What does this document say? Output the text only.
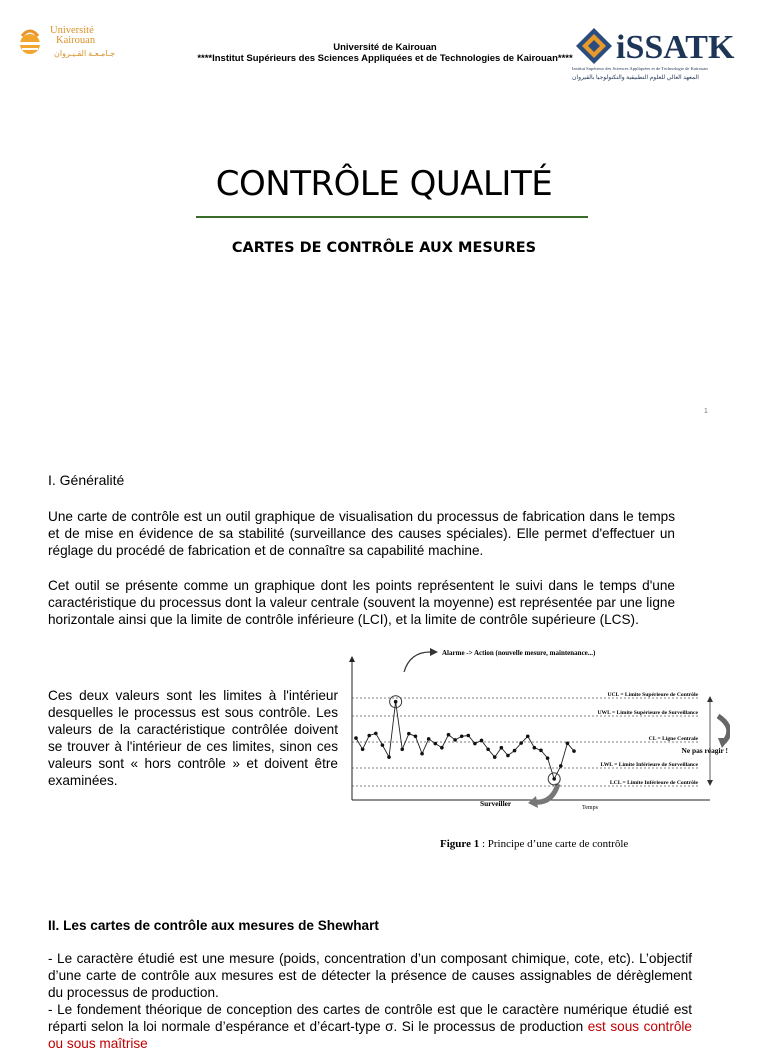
Université
Kairouan
جـامـعـة القـيـروان
Université de Kairouan
****Institut Supérieurs des Sciences Appliquées et de Technologies de Kairouan****	iSSATK
Institut Supérieur des Sciences Appliquées et de Technologie de Kairouan
المعهد العالي للعلوم التطبيقية والتكنولوجيا بالقيروان
CONTRÔLE QUALITÉ
CARTES DE CONTRÔLE AUX MESURES
1
I. Généralité
Une carte de contrôle est un outil graphique de visualisation du processus de fabrication dans le temps et de mise en évidence de sa stabilité (surveillance des causes spéciales). Elle permet d'effectuer un réglage du procédé de fabrication et de connaître sa capabilité machine.
Cet outil se présente comme un graphique dont les points représentent le suivi dans le temps d'une caractéristique du processus dont la valeur centrale (souvent la moyenne) est représentée par une ligne horizontale ainsi que la limite de contrôle inférieure (LCI), et la limite de contrôle supérieure (LCS).
Ces deux valeurs sont les limites à l'intérieur desquelles le processus est sous contrôle. Les valeurs de la caractéristique contrôlée doivent se trouver à l'intérieur de ces limites, sinon ces valeurs sont « hors contrôle » et doivent être examinées.
UCL = Limite Supérieure de Contrôle
UWL = Limite Supérieure de Surveillance
CL = Ligne Centrale
LWL = Limite Inférieure de Surveillance
LCL = Limite Inférieure de Contrôle
Alarme -> Action (nouvelle mesure, maintenance...)
Ne pas réagir !
Surveiller	Temps
Figure 1 : Principe d’une carte de contrôle
II. Les cartes de contrôle aux mesures de Shewhart
- Le caractère étudié est une mesure (poids, concentration d’un composant chimique, cote, etc). L’objectif d’une carte de contrôle aux mesures est de détecter la présence de causes assignables de dérèglement du processus de production.
- Le fondement théorique de conception des cartes de contrôle est que le caractère numérique étudié est réparti selon la loi normale d’espérance et d’écart-type σ. Si le processus de production est sous contrôle ou sous maîtrise
